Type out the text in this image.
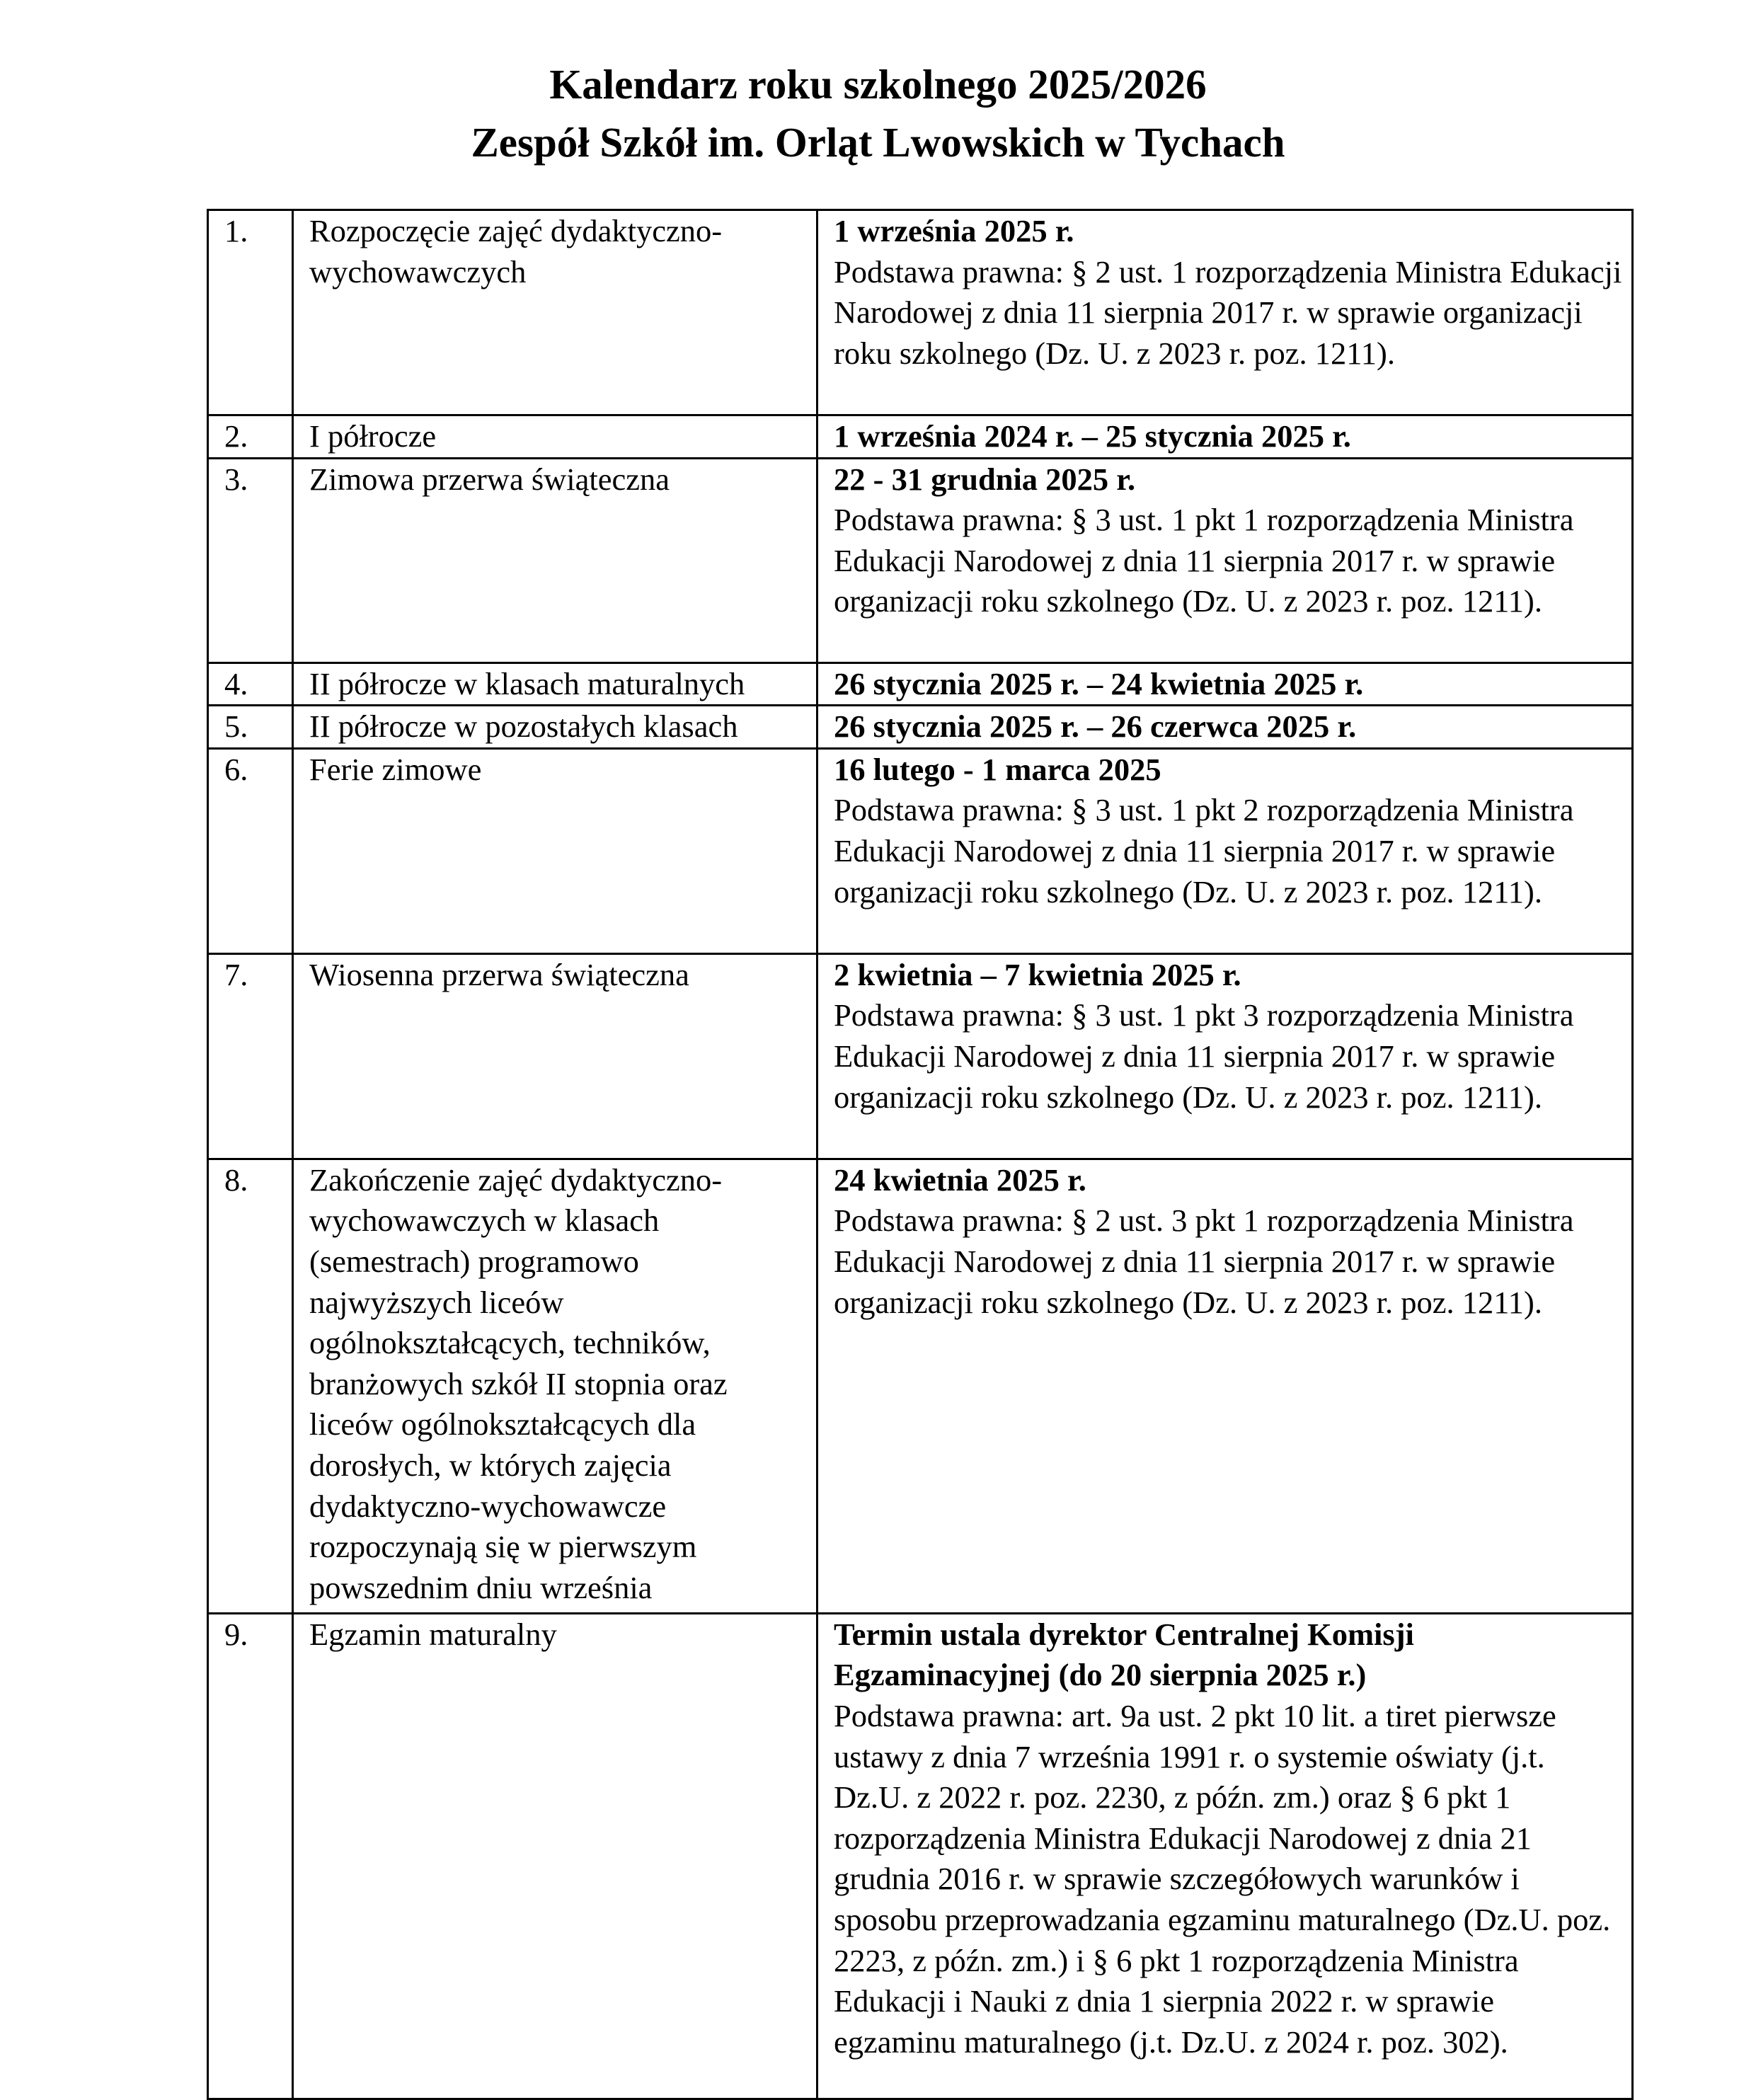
Kalendarz roku szkolnego 2025/2026
Zespół Szkół im. Orląt Lwowskich w Tychach
1.	Rozpoczęcie zajęć dydaktyczno-wychowawczych	1 września 2025 r.
Podstawa prawna: § 2 ust. 1 rozporządzenia Ministra Edukacji Narodowej z dnia 11 sierpnia 2017 r. w sprawie organizacji roku szkolnego (Dz. U. z 2023 r. poz. 1211).

2.	I półrocze	1 września 2024 r. – 25 stycznia 2025 r.

3.	Zimowa przerwa świąteczna	22 - 31 grudnia 2025 r.
Podstawa prawna: § 3 ust. 1 pkt 1 rozporządzenia Ministra Edukacji Narodowej z dnia 11 sierpnia 2017 r. w sprawie organizacji roku szkolnego (Dz. U. z 2023 r. poz. 1211).

4.	II półrocze w klasach maturalnych	26 stycznia 2025 r. – 24 kwietnia 2025 r.

5.	II półrocze w pozostałych klasach	26 stycznia 2025 r. – 26 czerwca 2025 r.

6.	Ferie zimowe	16 lutego - 1 marca 2025
Podstawa prawna: § 3 ust. 1 pkt 2 rozporządzenia Ministra Edukacji Narodowej z dnia 11 sierpnia 2017 r. w sprawie organizacji roku szkolnego (Dz. U. z 2023 r. poz. 1211).

7.	Wiosenna przerwa świąteczna	2 kwietnia – 7 kwietnia 2025 r.
Podstawa prawna: § 3 ust. 1 pkt 3 rozporządzenia Ministra Edukacji Narodowej z dnia 11 sierpnia 2017 r. w sprawie organizacji roku szkolnego (Dz. U. z 2023 r. poz. 1211).

8.	Zakończenie zajęć dydaktyczno-wychowawczych w klasach (semestrach) programowo najwyższych liceów ogólnokształcących, techników, branżowych szkół II stopnia oraz liceów ogólnokształcących dla dorosłych, w których zajęcia dydaktyczno-wychowawcze rozpoczynają się w pierwszym powszednim dniu września	24 kwietnia 2025 r.
Podstawa prawna: § 2 ust. 3 pkt 1 rozporządzenia Ministra Edukacji Narodowej z dnia 11 sierpnia 2017 r. w sprawie organizacji roku szkolnego (Dz. U. z 2023 r. poz. 1211).

9.	Egzamin maturalny	Termin ustala dyrektor Centralnej Komisji Egzaminacyjnej (do 20 sierpnia 2025 r.)
Podstawa prawna: art. 9a ust. 2 pkt 10 lit. a tiret pierwsze ustawy z dnia 7 września 1991 r. o systemie oświaty (j.t. Dz.U. z 2022 r. poz. 2230, z późn. zm.) oraz § 6 pkt 1 rozporządzenia Ministra Edukacji Narodowej z dnia 21 grudnia 2016 r. w sprawie szczegółowych warunków i sposobu przeprowadzania egzaminu maturalnego (Dz.U. poz. 2223, z późn. zm.) i § 6 pkt 1 rozporządzenia Ministra Edukacji i Nauki z dnia 1 sierpnia 2022 r. w sprawie egzaminu maturalnego (j.t. Dz.U. z 2024 r. poz. 302).
